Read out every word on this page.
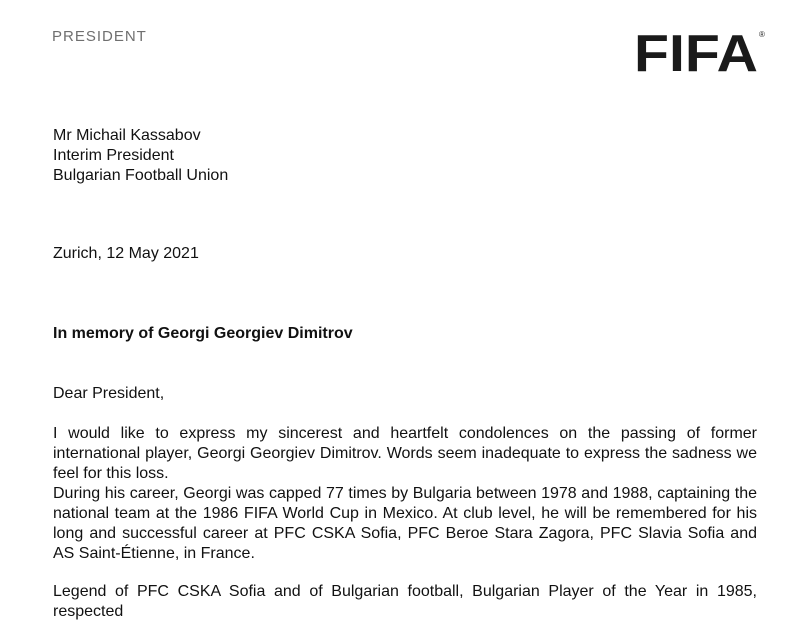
PRESIDENT	FIFA ®
Mr Michail Kassabov
Interim President
Bulgarian Football Union
Zurich, 12 May 2021
In memory of Georgi Georgiev Dimitrov
Dear President,

I would like to express my sincerest and heartfelt condolences on the passing of former international player, Georgi Georgiev Dimitrov. Words seem inadequate to express the sadness we feel for this loss.

During his career, Georgi was capped 77 times by Bulgaria between 1978 and 1988, captaining the national team at the 1986 FIFA World Cup in Mexico. At club level, he will be remembered for his long and successful career at PFC CSKA Sofia, PFC Beroe Stara Zagora, PFC Slavia Sofia and AS Saint-Étienne, in France.

Legend of PFC CSKA Sofia and of Bulgarian football, Bulgarian Player of the Year in 1985, respected
